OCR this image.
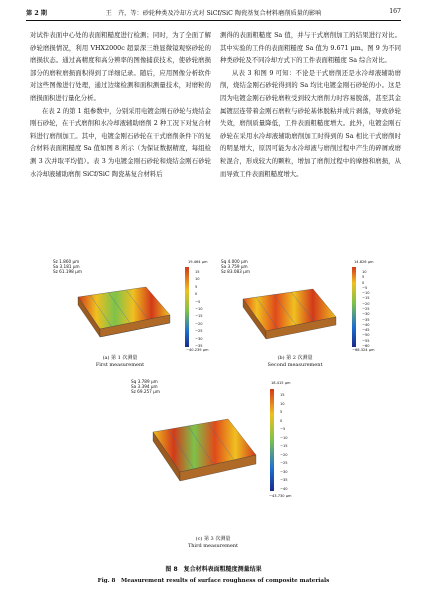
第 2 期	王　卉，等：砂轮种类及冷却方式对 SiCf/SiC 陶瓷基复合材料磨削质量的影响	167

对试件表面中心处的表面粗糙度进行检测；同时，为了全面了解砂轮磨损情况，利用 VHX2000c 超景深三维显微镜观察砂轮的磨损状态。通过高精度和高分辨率的图像捕获技术，使砂轮磨损部分的磨粒磨损面积得到了详细记录。随后，应用图像分析软件对这些图像进行处理，通过边缘检测和面积测量技术，对磨粒的磨损面积进行量化分析。

在表 2 的第 1 组参数中，分别采用电镀金刚石砂轮与烧结金刚石砂轮，在干式磨削和水冷却液辅助磨削 2 种工况下对复合材料进行磨削加工。其中，电镀金刚石砂轮在干式磨削条件下的复合材料表面粗糙度 Sa 值如图 8 所示（为保证数据精度，每组检测 3 次并取平均值）。表 3 为电镀金刚石砂轮和烧结金刚石砂轮水冷却液辅助磨削 SiCf/SiC 陶瓷基复合材料后

测得的表面粗糙度 Sa 值，并与干式磨削加工的结果进行对比。其中实验的工件的表面粗糙度 Sa 值为 9.671 μm。图 9 为不同种类砂轮及不同冷却方式下的工件表面粗糙度 Sa 综合对比。

从表 3 和图 9 可知：不论是干式磨削还是水冷却液辅助磨削，烧结金刚石砂轮得到的 Sa 均比电镀金刚石砂轮的小。这是因为电镀金刚石砂轮磨粒受到较大磨削力时容易脱落，甚至其金属镀层连带着金刚石磨粒与砂轮基体脱粘并成片剥落，导致砂轮失效，磨削质量降低，工件表面粗糙度增大。此外，电镀金刚石砂轮在采用水冷却液辅助磨削加工时得到的 Sa 相比干式磨削时的明显增大，原因可能为水冷却液与磨削过程中产生的碎屑或磨粒混合，形成较大的颗粒，增加了磨削过程中的摩擦和磨损，从而导致工件表面粗糙度增大。

Sz 1.860 μm
Sa 3.181 μm
Sz 61.198 μm
19.464 μm
−40.239 μm
15
10
5
0
−5
−10
−15
−20
−25
−30
−35
(a) 第 1 次测量
First measurement
Sq 4.000 μm
Sa 3.759 μm
Sz 83.083 μm
14.826 μm
−68.324 μm
10
5
0
−5
−10
−15
−20
−25
−30
−35
−40
−45
−50
−55
−60
(b) 第 2 次测量
Second measurement
Sq 3.789 μm
Sa 3.394 μm
Sz 69.257 μm
18.415 μm
−43.730 μm
15
10
5
0
−5
−10
−15
−20
−25
−30
−35
−40
(c) 第 3 次测量
Third measurement
图 8　复合材料表面粗糙度测量结果
Fig. 8　Measurement results of surface roughness of composite materials
